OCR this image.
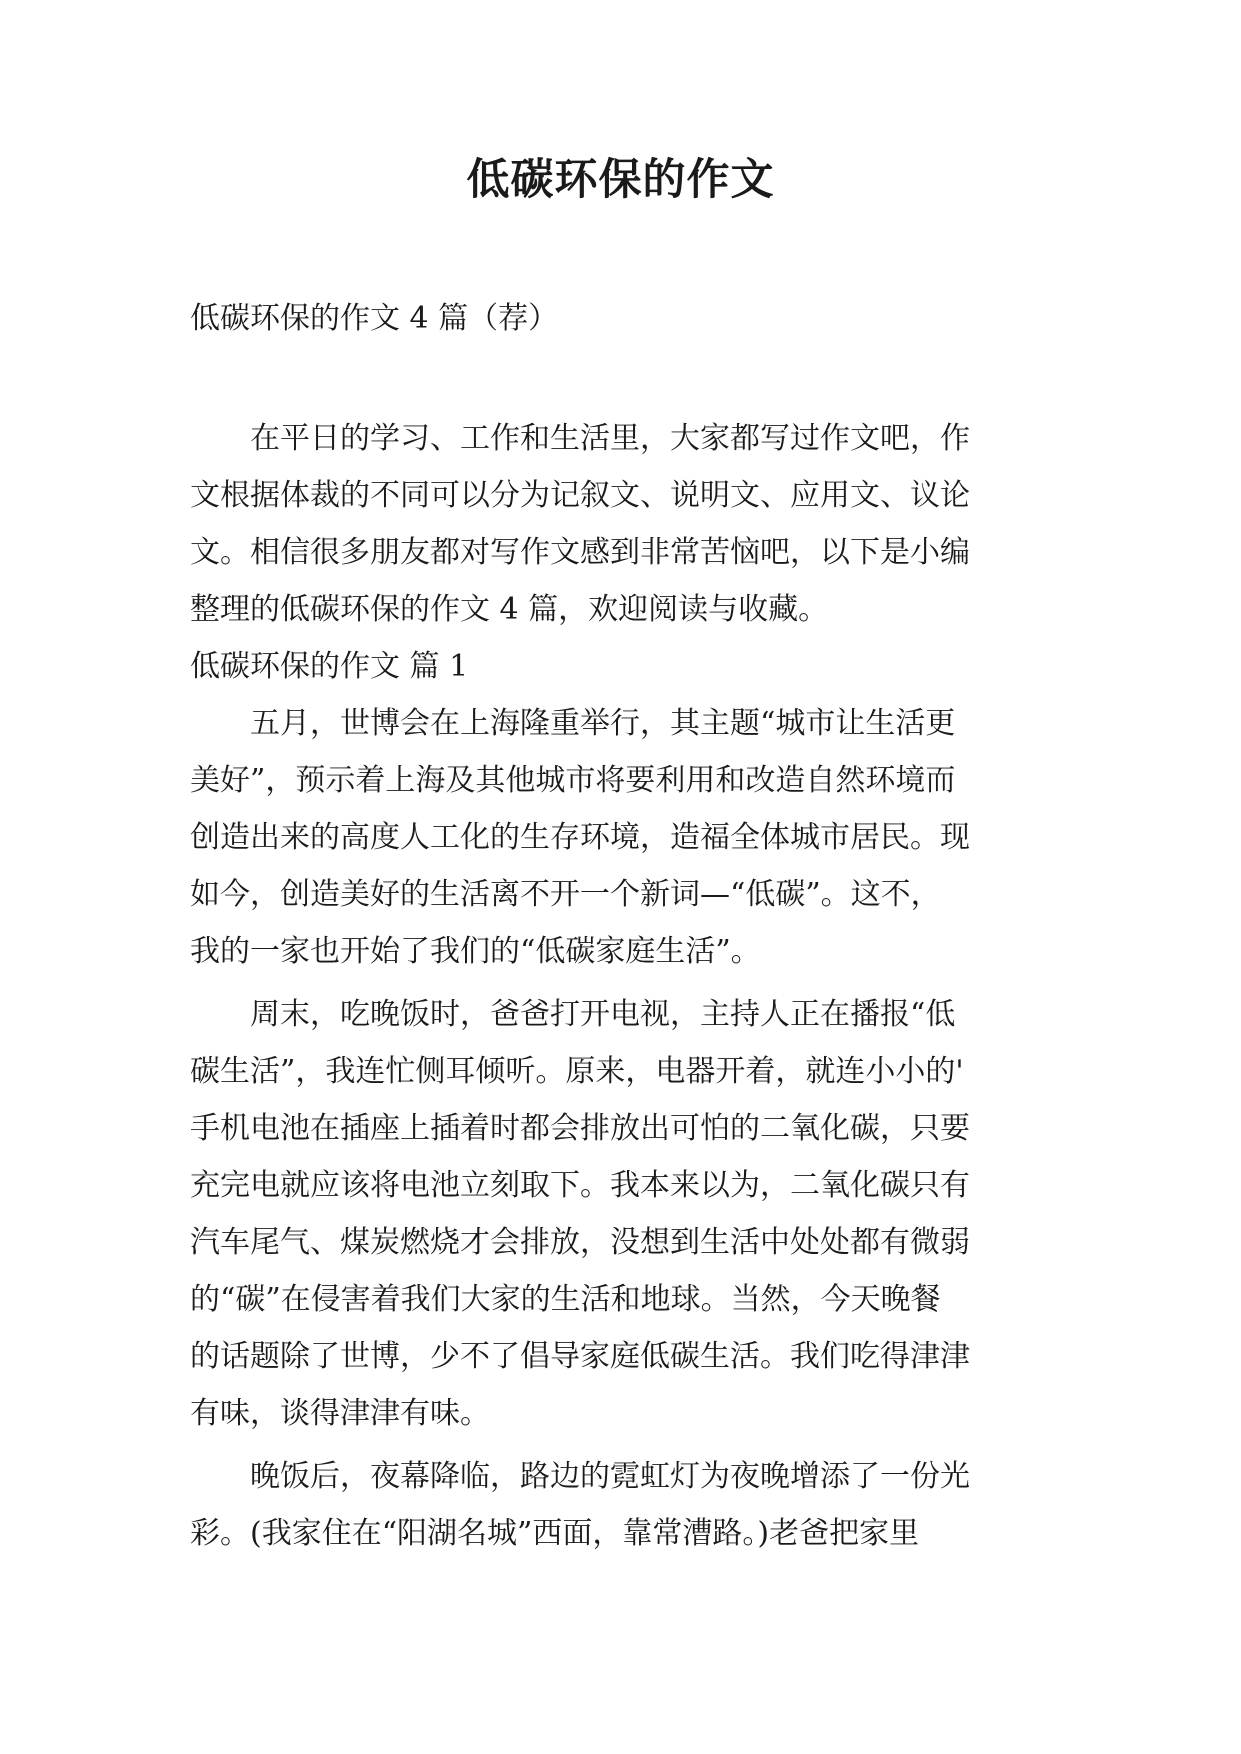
低碳环保的作文

低碳环保的作文 4 篇（荐）

　　在平日的学习、工作和生活里，大家都写过作文吧，作

文根据体裁的不同可以分为记叙文、说明文、应用文、议论

文。相信很多朋友都对写作文感到非常苦恼吧，以下是小编

整理的低碳环保的作文 4 篇，欢迎阅读与收藏。

低碳环保的作文 篇 1

　　五月，世博会在上海隆重举行，其主题“城市让生活更

美好”，预示着上海及其他城市将要利用和改造自然环境而

创造出来的高度人工化的生存环境，造福全体城市居民。现

如今，创造美好的生活离不开一个新词—“低碳”。这不，

我的一家也开始了我们的“低碳家庭生活”。

　　周末，吃晚饭时，爸爸打开电视，主持人正在播报“低

碳生活”，我连忙侧耳倾听。原来，电器开着，就连小小的'

手机电池在插座上插着时都会排放出可怕的二氧化碳，只要

充完电就应该将电池立刻取下。我本来以为，二氧化碳只有

汽车尾气、煤炭燃烧才会排放，没想到生活中处处都有微弱

的“碳”在侵害着我们大家的生活和地球。当然，今天晚餐

的话题除了世博，少不了倡导家庭低碳生活。我们吃得津津

有味，谈得津津有味。

　　晚饭后，夜幕降临，路边的霓虹灯为夜晚增添了一份光

彩。(我家住在“阳湖名城”西面，靠常漕路。)老爸把家里
